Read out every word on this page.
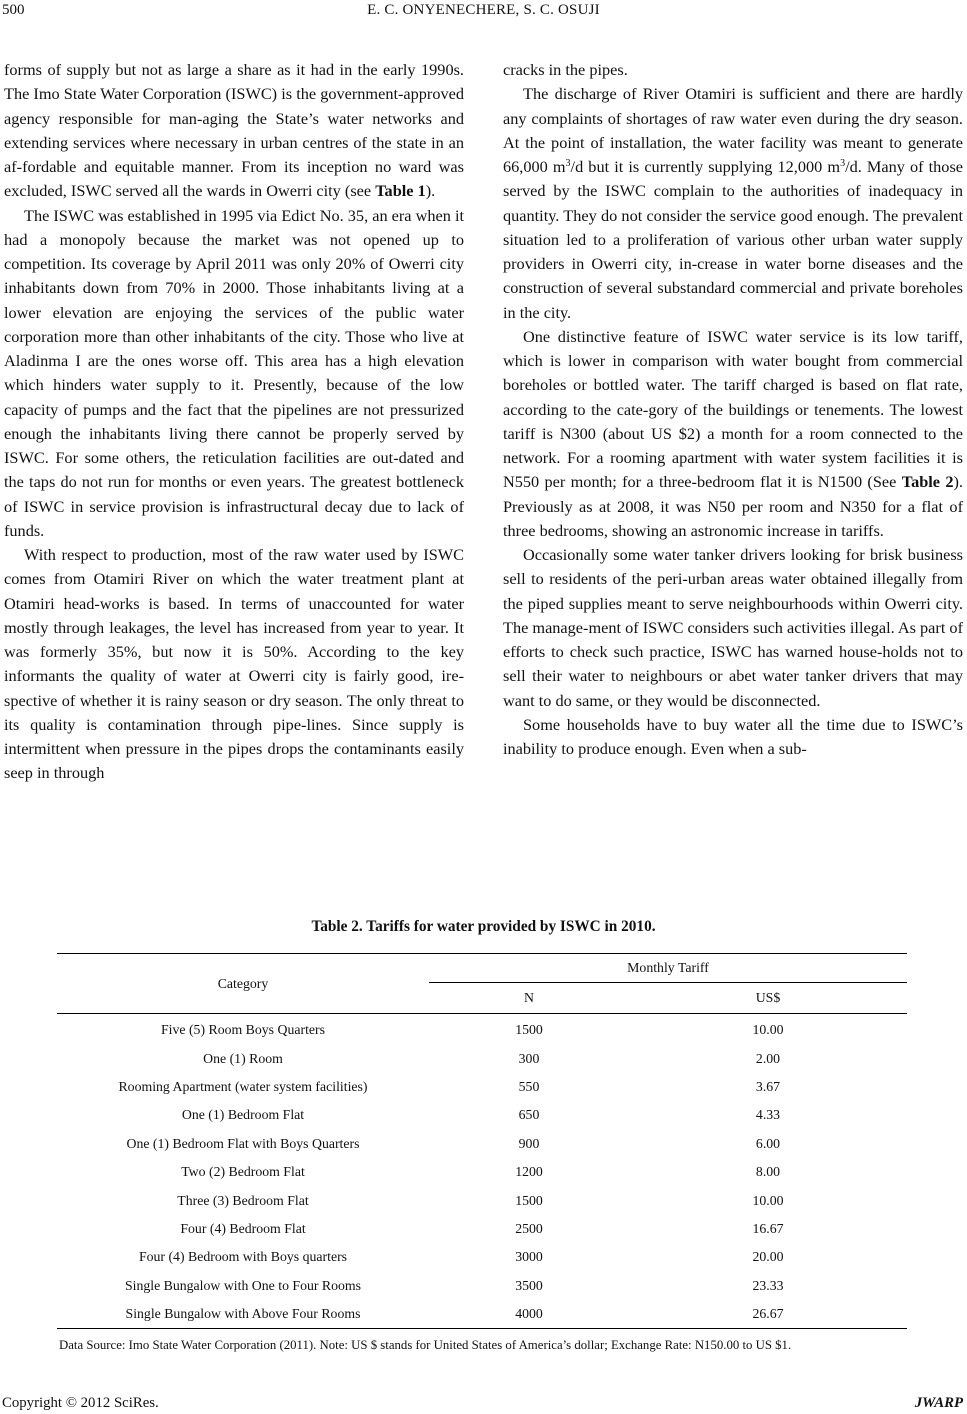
500	E. C. ONYENECHERE, S. C. OSUJI

forms of supply but not as large a share as it had in the early 1990s. The Imo State Water Corporation (ISWC) is the government-approved agency responsible for man-aging the State’s water networks and extending services where necessary in urban centres of the state in an af-fordable and equitable manner. From its inception no ward was excluded, ISWC served all the wards in Owerri city (see Table 1).

The ISWC was established in 1995 via Edict No. 35, an era when it had a monopoly because the market was not opened up to competition. Its coverage by April 2011 was only 20% of Owerri city inhabitants down from 70% in 2000. Those inhabitants living at a lower elevation are enjoying the services of the public water corporation more than other inhabitants of the city. Those who live at Aladinma I are the ones worse off. This area has a high elevation which hinders water supply to it. Presently, because of the low capacity of pumps and the fact that the pipelines are not pressurized enough the inhabitants living there cannot be properly served by ISWC. For some others, the reticulation facilities are out-dated and the taps do not run for months or even years. The greatest bottleneck of ISWC in service provision is infrastructural decay due to lack of funds.

With respect to production, most of the raw water used by ISWC comes from Otamiri River on which the water treatment plant at Otamiri head-works is based. In terms of unaccounted for water mostly through leakages, the level has increased from year to year. It was formerly 35%, but now it is 50%. According to the key informants the quality of water at Owerri city is fairly good, ire-spective of whether it is rainy season or dry season. The only threat to its quality is contamination through pipe-lines. Since supply is intermittent when pressure in the pipes drops the contaminants easily seep in through

cracks in the pipes.

The discharge of River Otamiri is sufficient and there are hardly any complaints of shortages of raw water even during the dry season. At the point of installation, the water facility was meant to generate 66,000 $m^3/d$ but it is currently supplying 12,000 $m^3/d$. Many of those served by the ISWC complain to the authorities of inadequacy in quantity. They do not consider the service good enough. The prevalent situation led to a proliferation of various other urban water supply providers in Owerri city, in-crease in water borne diseases and the construction of several substandard commercial and private boreholes in the city.

One distinctive feature of ISWC water service is its low tariff, which is lower in comparison with water bought from commercial boreholes or bottled water. The tariff charged is based on flat rate, according to the cate-gory of the buildings or tenements. The lowest tariff is N300 (about US $2) a month for a room connected to the network. For a rooming apartment with water system facilities it is N550 per month; for a three-bedroom flat it is N1500 (See Table 2). Previously as at 2008, it was N50 per room and N350 for a flat of three bedrooms, showing an astronomic increase in tariffs.

Occasionally some water tanker drivers looking for brisk business sell to residents of the peri-urban areas water obtained illegally from the piped supplies meant to serve neighbourhoods within Owerri city. The manage-ment of ISWC considers such activities illegal. As part of efforts to check such practice, ISWC has warned house-holds not to sell their water to neighbours or abet water tanker drivers that may want to do same, or they would be disconnected.

Some households have to buy water all the time due to ISWC’s inability to produce enough. Even when a sub-

Table 2. Tariffs for water provided by ISWC in 2010.
Category	Monthly Tariff	
	N	US$
Five (5) Room Boys Quarters	1500	10.00
One (1) Room	300	2.00
Rooming Apartment (water system facilities)	550	3.67
One (1) Bedroom Flat	650	4.33
One (1) Bedroom Flat with Boys Quarters	900	6.00
Two (2) Bedroom Flat	1200	8.00
Three (3) Bedroom Flat	1500	10.00
Four (4) Bedroom Flat	2500	16.67
Four (4) Bedroom with Boys quarters	3000	20.00
Single Bungalow with One to Four Rooms	3500	23.33
Single Bungalow with Above Four Rooms	4000	26.67
Data Source: Imo State Water Corporation (2011). Note: US $ stands for United States of America’s dollar; Exchange Rate: N150.00 to US $1.
Copyright © 2012 SciRes.	JWARP
